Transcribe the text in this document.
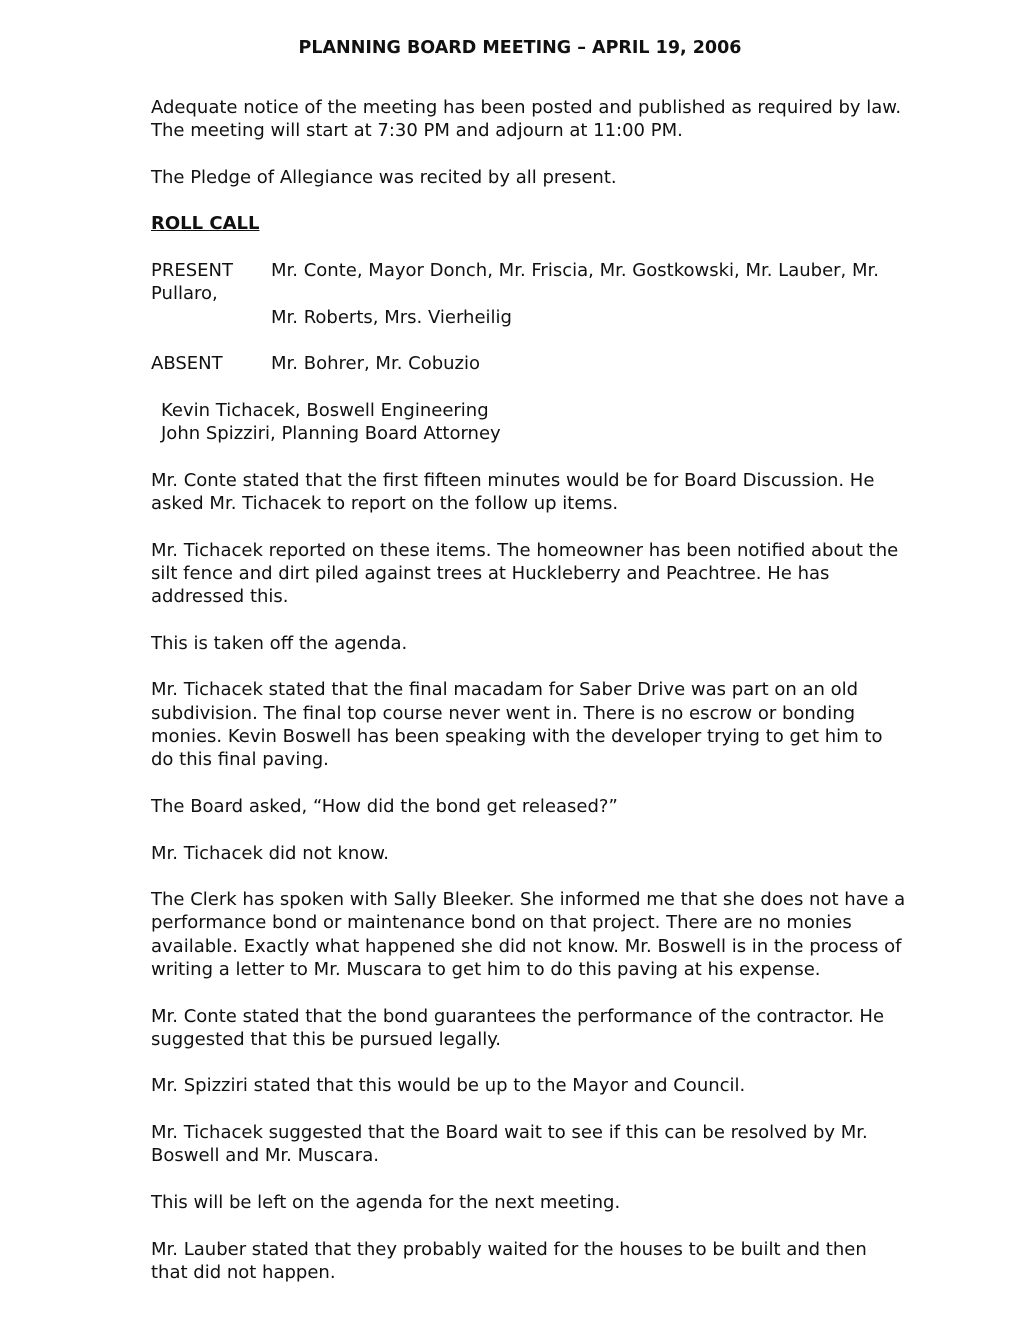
PLANNING BOARD MEETING – APRIL 19, 2006

Adequate notice of the meeting has been posted and published as required by law. The meeting will start at 7:30 PM and adjourn at 11:00 PM.

The Pledge of Allegiance was recited by all present.

ROLL CALL

PRESENT Mr. Conte, Mayor Donch, Mr. Friscia, Mr. Gostkowski, Mr. Lauber, Mr. Pullaro,
Mr. Roberts, Mrs. Vierheilig

ABSENT	Mr. Bohrer, Mr. Cobuzio

Kevin Tichacek, Boswell Engineering
John Spizziri, Planning Board Attorney

Mr. Conte stated that the first fifteen minutes would be for Board Discussion. He asked Mr. Tichacek to report on the follow up items.

Mr. Tichacek reported on these items. The homeowner has been notified about the silt fence and dirt piled against trees at Huckleberry and Peachtree. He has addressed this.

This is taken off the agenda.

Mr. Tichacek stated that the final macadam for Saber Drive was part on an old subdivision. The final top course never went in. There is no escrow or bonding monies. Kevin Boswell has been speaking with the developer trying to get him to do this final paving.

The Board asked, “How did the bond get released?”

Mr. Tichacek did not know.

The Clerk has spoken with Sally Bleeker. She informed me that she does not have a performance bond or maintenance bond on that project. There are no monies available. Exactly what happened she did not know. Mr. Boswell is in the process of writing a letter to Mr. Muscara to get him to do this paving at his expense.

Mr. Conte stated that the bond guarantees the performance of the contractor. He suggested that this be pursued legally.

Mr. Spizziri stated that this would be up to the Mayor and Council.

Mr. Tichacek suggested that the Board wait to see if this can be resolved by Mr. Boswell and Mr. Muscara.

This will be left on the agenda for the next meeting.

Mr. Lauber stated that they probably waited for the houses to be built and then that did not happen.
